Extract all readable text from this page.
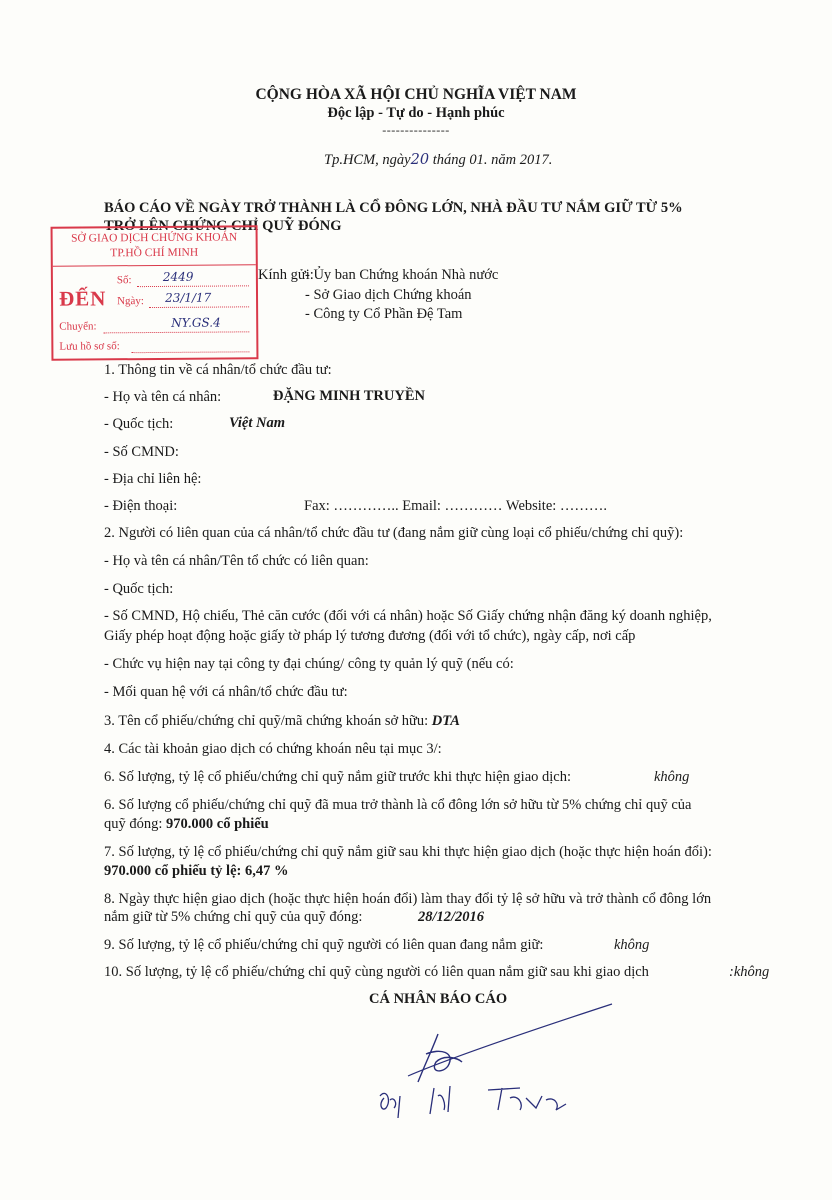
CỘNG HÒA XÃ HỘI CHỦ NGHĨA VIỆT NAM
Độc lập - Tự do - Hạnh phúc
---------------
Tp.HCM, ngày20 tháng 01. năm 2017.
BÁO CÁO VỀ NGÀY TRỞ THÀNH LÀ CỔ ĐÔNG LỚN, NHÀ ĐẦU TƯ NẮM GIỮ TỪ 5%
TRỞ LÊN CHỨNG CHỈ QUỸ ĐÓNG
SỞ GIAO DỊCH CHỨNG KHOÁN
TP.HỒ CHÍ MINH
ĐẾN
Số:	2449
Ngày: 23/1/17
Chuyển:	NY.GS.4
Lưu hồ sơ số:
Kính gửi:
- Ủy ban Chứng khoán Nhà nước
- Sở Giao dịch Chứng khoán
- Công ty Cổ Phần Đệ Tam
1. Thông tin về cá nhân/tổ chức đầu tư:
- Họ và tên cá nhân:	ĐẶNG MINH TRUYỀN
- Quốc tịch:	Việt Nam
- Số CMND:
- Địa chỉ liên hệ:
- Điện thoại:	Fax: ………….. Email: ………… Website: ……….
2. Người có liên quan của cá nhân/tổ chức đầu tư (đang nắm giữ cùng loại cổ phiếu/chứng chỉ quỹ):
- Họ và tên cá nhân/Tên tổ chức có liên quan:
- Quốc tịch:
- Số CMND, Hộ chiếu, Thẻ căn cước (đối với cá nhân) hoặc Số Giấy chứng nhận đăng ký doanh nghiệp,
Giấy phép hoạt động hoặc giấy tờ pháp lý tương đương (đối với tổ chức), ngày cấp, nơi cấp
- Chức vụ hiện nay tại công ty đại chúng/ công ty quản lý quỹ (nếu có:
- Mối quan hệ với cá nhân/tổ chức đầu tư:
3. Tên cổ phiếu/chứng chỉ quỹ/mã chứng khoán sở hữu: DTA
4. Các tài khoản giao dịch có chứng khoán nêu tại mục 3/:
6. Số lượng, tỷ lệ cổ phiếu/chứng chỉ quỹ nắm giữ trước khi thực hiện giao dịch:	không
6. Số lượng cổ phiếu/chứng chỉ quỹ đã mua trở thành là cổ đông lớn sở hữu từ 5% chứng chỉ quỹ của
quỹ đóng: 970.000 cổ phiếu
7. Số lượng, tỷ lệ cổ phiếu/chứng chỉ quỹ nắm giữ sau khi thực hiện giao dịch (hoặc thực hiện hoán đổi):
970.000 cổ phiếu tỷ lệ: 6,47 %
8. Ngày thực hiện giao dịch (hoặc thực hiện hoán đổi) làm thay đổi tỷ lệ sở hữu và trở thành cổ đông lớn
nắm giữ từ 5% chứng chỉ quỹ của quỹ đóng:	28/12/2016
9. Số lượng, tỷ lệ cổ phiếu/chứng chỉ quỹ người có liên quan đang nắm giữ:	không
10. Số lượng, tỷ lệ cổ phiếu/chứng chỉ quỹ cùng người có liên quan nắm giữ sau khi giao dịch	:không
CÁ NHÂN BÁO CÁO
Đặng Minh Truyền
